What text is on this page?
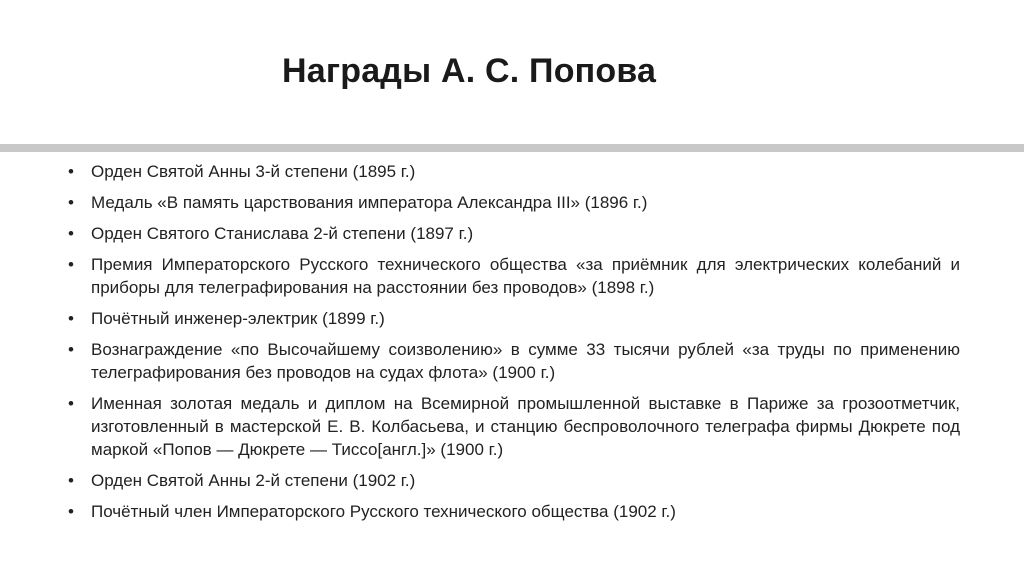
Награды А. С. Попова
• Орден Святой Анны 3-й степени (1895 г.)
• Медаль «В память царствования императора Александра III» (1896 г.)
• Орден Святого Станислава 2-й степени (1897 г.)
• Премия Императорского Русского технического общества «за приёмник для электрических колебаний и приборы для телеграфирования на расстоянии без проводов» (1898 г.)
• Почётный инженер-электрик (1899 г.)
• Вознаграждение «по Высочайшему соизволению» в сумме 33 тысячи рублей «за труды по применению телеграфирования без проводов на судах флота» (1900 г.)
• Именная золотая медаль и диплом на Всемирной промышленной выставке в Париже за грозоотметчик, изготовленный в мастерской Е. В. Колбасьева, и станцию беспроволочного телеграфа фирмы Дюкрете под маркой «Попов — Дюкрете — Тиссо[англ.]» (1900 г.)
• Орден Святой Анны 2-й степени (1902 г.)
• Почётный член Императорского Русского технического общества (1902 г.)
